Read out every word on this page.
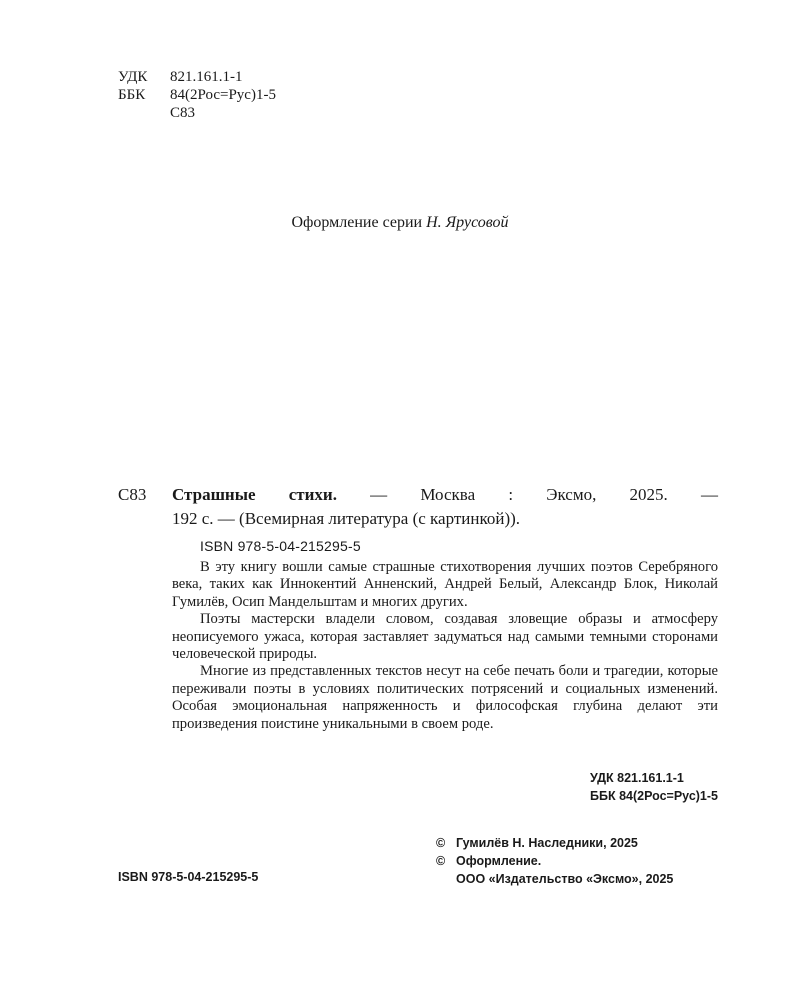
УДК 821.161.1-1
ББК 84(2Рос=Рус)1-5
С83
Оформление серии Н. Ярусовой
С83 Страшные стихи. — Москва : Эксмо, 2025. —
192 с. — (Всемирная литература (с картинкой)).
ISBN 978-5-04-215295-5

В эту книгу вошли самые страшные стихотворения лучших поэтов Серебряного века, таких как Иннокентий Анненский, Андрей Белый, Александр Блок, Николай Гумилёв, Осип Мандельштам и многих других.

Поэты мастерски владели словом, создавая зловещие образы и атмосферу неописуемого ужаса, которая заставляет задуматься над самыми темными сторонами человеческой природы.

Многие из представленных текстов несут на себе печать боли и трагедии, которые переживали поэты в условиях политических потрясений и социальных изменений. Особая эмоциональная напряженность и философская глубина делают эти произведения поистине уникальными в своем роде.

УДК 821.161.1-1
ББК 84(2Рос=Рус)1-5
© Гумилёв Н. Наследники, 2025
© Оформление.
ООО «Издательство «Эксмо», 2025
ISBN 978-5-04-215295-5
